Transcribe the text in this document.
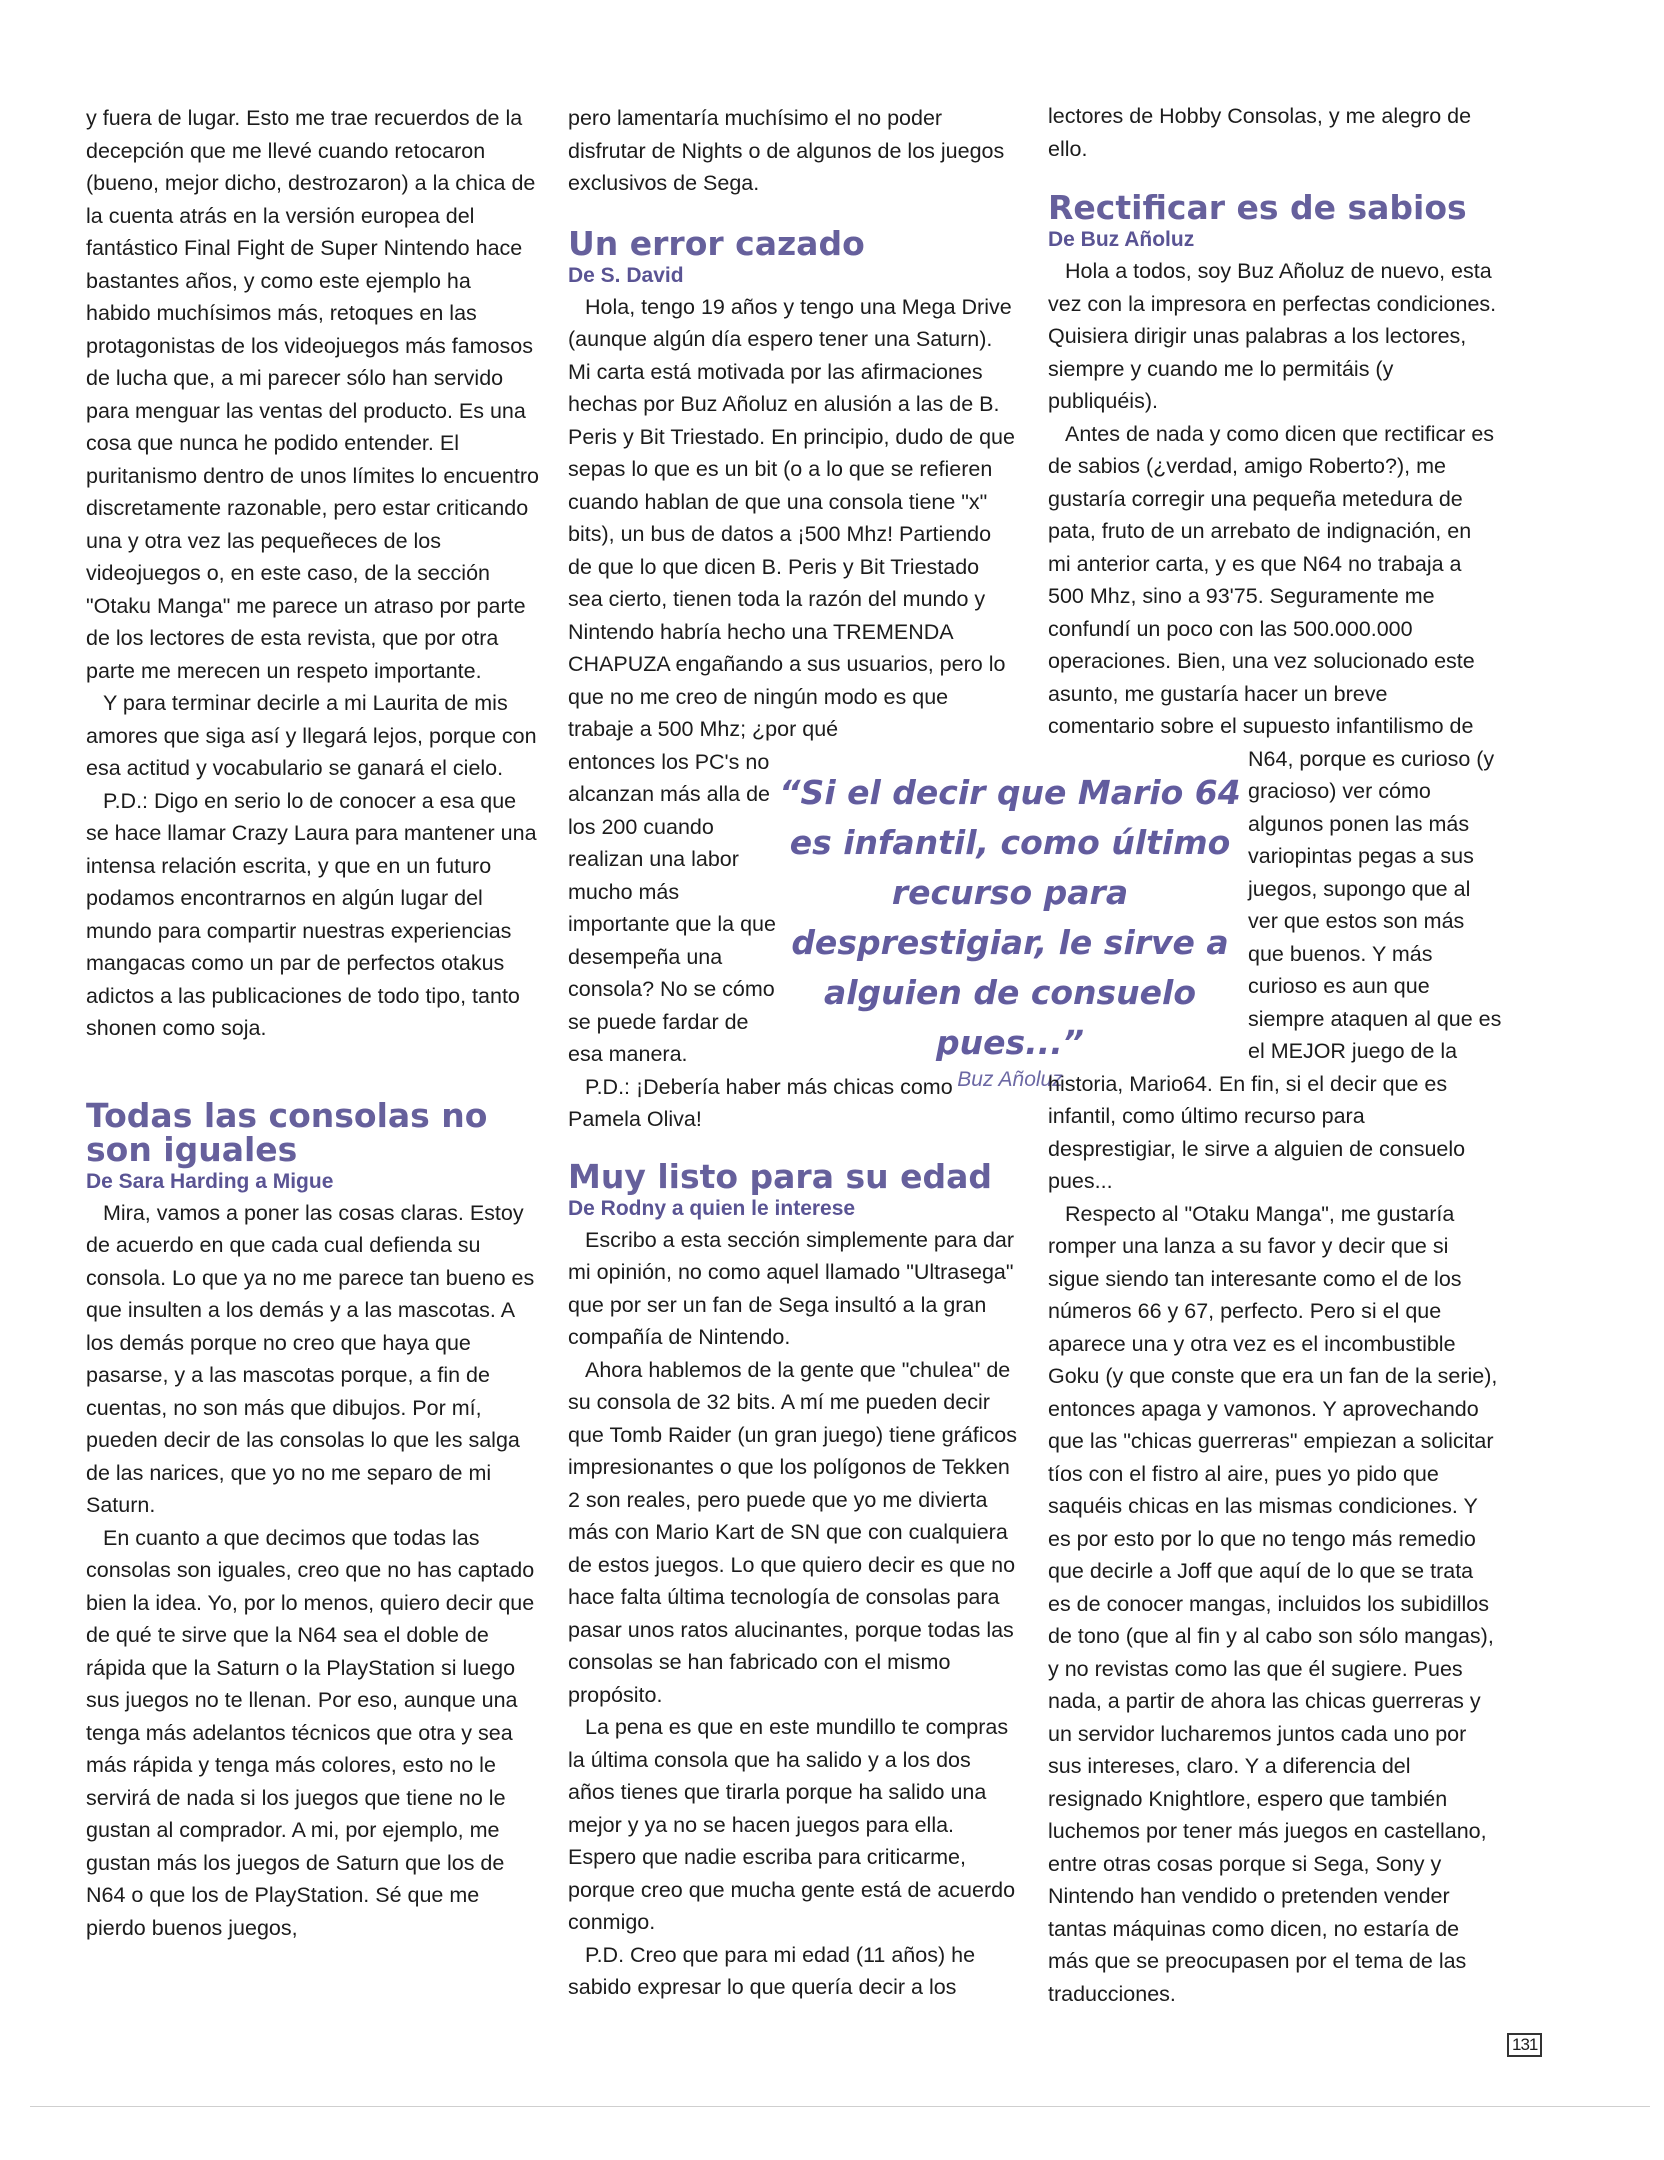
y fuera de lugar. Esto me trae recuerdos de la decepción que me llevé cuando retocaron (bueno, mejor dicho, destrozaron) a la chica de la cuenta atrás en la versión europea del fantástico Final Fight de Super Nintendo hace bastantes años, y como este ejemplo ha habido muchísimos más, retoques en las protagonistas de los videojuegos más famosos de lucha que, a mi parecer sólo han servido para menguar las ventas del producto. Es una cosa que nunca he podido entender. El puritanismo dentro de unos límites lo encuentro discretamente razonable, pero estar criticando una y otra vez las pequeñeces de los videojuegos o, en este caso, de la sección "Otaku Manga" me parece un atraso por parte de los lectores de esta revista, que por otra parte me merecen un respeto importante.

Y para terminar decirle a mi Laurita de mis amores que siga así y llegará lejos, porque con esa actitud y vocabulario se ganará el cielo.

P.D.: Digo en serio lo de conocer a esa que se hace llamar Crazy Laura para mantener una intensa relación escrita, y que en un futuro podamos encontrarnos en algún lugar del mundo para compartir nuestras experiencias mangacas como un par de perfectos otakus adictos a las publicaciones de todo tipo, tanto shonen como soja.

Todas las consolas no son iguales
De Sara Harding a Migue

Mira, vamos a poner las cosas claras. Estoy de acuerdo en que cada cual defienda su consola. Lo que ya no me parece tan bueno es que insulten a los demás y a las mascotas. A los demás porque no creo que haya que pasarse, y a las mascotas porque, a fin de cuentas, no son más que dibujos. Por mí, pueden decir de las consolas lo que les salga de las narices, que yo no me separo de mi Saturn.

En cuanto a que decimos que todas las consolas son iguales, creo que no has captado bien la idea. Yo, por lo menos, quiero decir que de qué te sirve que la N64 sea el doble de rápida que la Saturn o la PlayStation si luego sus juegos no te llenan. Por eso, aunque una tenga más adelantos técnicos que otra y sea más rápida y tenga más colores, esto no le servirá de nada si los juegos que tiene no le gustan al comprador. A mi, por ejemplo, me gustan más los juegos de Saturn que los de N64 o que los de PlayStation. Sé que me pierdo buenos juegos,

pero lamentaría muchísimo el no poder disfrutar de Nights o de algunos de los juegos exclusivos de Sega.

Un error cazado
De S. David

Hola, tengo 19 años y tengo una Mega Drive (aunque algún día espero tener una Saturn). Mi carta está motivada por las afirmaciones hechas por Buz Añoluz en alusión a las de B. Peris y Bit Triestado. En principio, dudo de que sepas lo que es un bit (o a lo que se refieren cuando hablan de que una consola tiene "x" bits), un bus de datos a ¡500 Mhz! Partiendo de que lo que dicen B. Peris y Bit Triestado sea cierto, tienen toda la razón del mundo y Nintendo habría hecho una TREMENDA CHAPUZA engañando a sus usuarios, pero lo que no me creo de ningún modo es que trabaje a 500 Mhz; ¿por qué

entonces los PC's no alcanzan más alla de los 200 cuando realizan una labor mucho más importante que la que desempeña una consola? No se cómo se puede fardar de esa manera.

P.D.: ¡Debería haber más chicas como Pamela Oliva!

Muy listo para su edad
De Rodny a quien le interese

Escribo a esta sección simplemente para dar mi opinión, no como aquel llamado "Ultrasega" que por ser un fan de Sega insultó a la gran compañía de Nintendo.

Ahora hablemos de la gente que "chulea" de su consola de 32 bits. A mí me pueden decir que Tomb Raider (un gran juego) tiene gráficos impresionantes o que los polígonos de Tekken 2 son reales, pero puede que yo me divierta más con Mario Kart de SN que con cualquiera de estos juegos. Lo que quiero decir es que no hace falta última tecnología de consolas para pasar unos ratos alucinantes, porque todas las consolas se han fabricado con el mismo propósito.

La pena es que en este mundillo te compras la última consola que ha salido y a los dos años tienes que tirarla porque ha salido una mejor y ya no se hacen juegos para ella. Espero que nadie escriba para criticarme, porque creo que mucha gente está de acuerdo conmigo.

P.D. Creo que para mi edad (11 años) he sabido expresar lo que quería decir a los

“Si el decir que Mario 64 es infantil, como último recurso para desprestigiar, le sirve a alguien de consuelo pues...”
Buz Añoluz

lectores de Hobby Consolas, y me alegro de ello.

Rectificar es de sabios
De Buz Añoluz

Hola a todos, soy Buz Añoluz de nuevo, esta vez con la impresora en perfectas condiciones. Quisiera dirigir unas palabras a los lectores, siempre y cuando me lo permitáis (y publiquéis).

Antes de nada y como dicen que rectificar es de sabios (¿verdad, amigo Roberto?), me gustaría corregir una pequeña metedura de pata, fruto de un arrebato de indignación, en mi anterior carta, y es que N64 no trabaja a 500 Mhz, sino a 93'75. Seguramente me confundí un poco con las 500.000.000 operaciones. Bien, una vez solucionado este asunto, me gustaría hacer un breve comentario sobre el supuesto infantilismo de

N64, porque es curioso (y gracioso) ver cómo algunos ponen las más variopintas pegas a sus juegos, supongo que al ver que estos son más que buenos. Y más curioso es aun que siempre ataquen al que es el MEJOR juego de la

historia, Mario64. En fin, si el decir que es infantil, como último recurso para desprestigiar, le sirve a alguien de consuelo pues...

Respecto al "Otaku Manga", me gustaría romper una lanza a su favor y decir que si sigue siendo tan interesante como el de los números 66 y 67, perfecto. Pero si el que aparece una y otra vez es el incombustible Goku (y que conste que era un fan de la serie), entonces apaga y vamonos. Y aprovechando que las "chicas guerreras" empiezan a solicitar tíos con el fistro al aire, pues yo pido que saquéis chicas en las mismas condiciones. Y es por esto por lo que no tengo más remedio que decirle a Joff que aquí de lo que se trata es de conocer mangas, incluidos los subidillos de tono (que al fin y al cabo son sólo mangas), y no revistas como las que él sugiere. Pues nada, a partir de ahora las chicas guerreras y un servidor lucharemos juntos cada uno por sus intereses, claro. Y a diferencia del resignado Knightlore, espero que también luchemos por tener más juegos en castellano, entre otras cosas porque si Sega, Sony y Nintendo han vendido o pretenden vender tantas máquinas como dicen, no estaría de más que se preocupasen por el tema de las traducciones.

131
